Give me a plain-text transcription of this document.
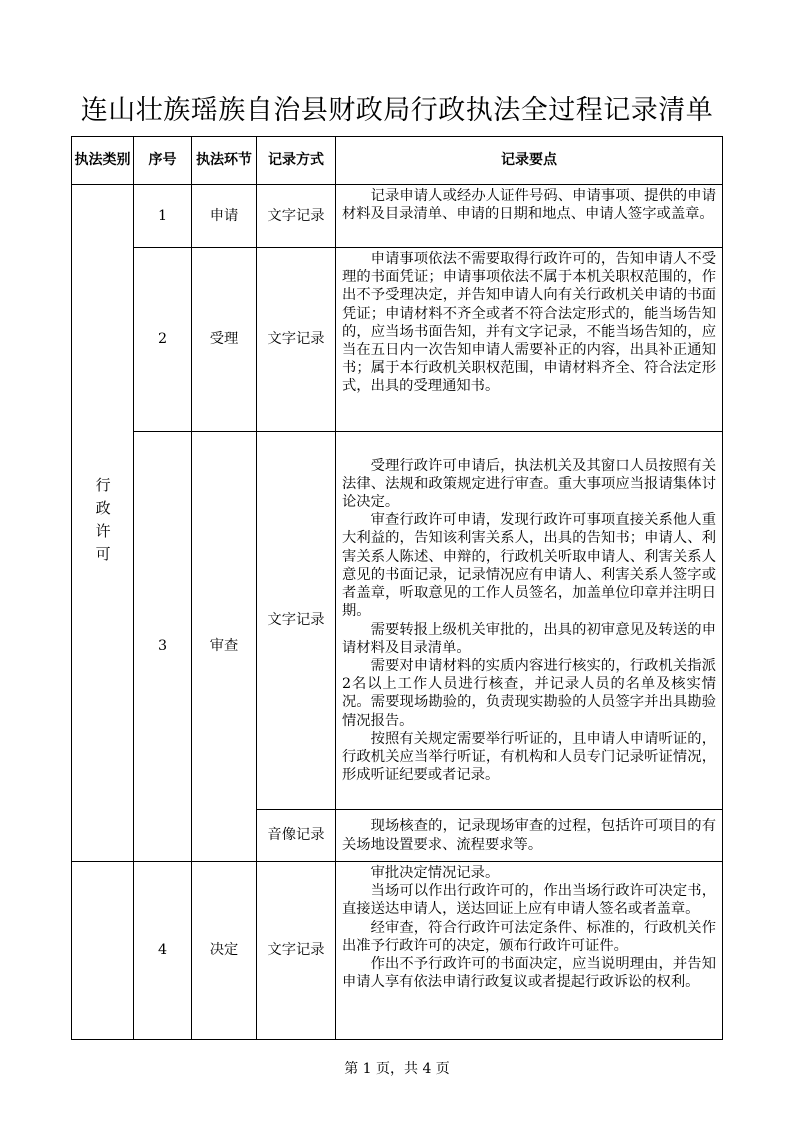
连山壮族瑶族自治县财政局行政执法全过程记录清单
执法类别	序号	执法环节	记录方式	记录要点

行政许可	1	申请	文字记录	记录申请人或经办人证件号码、申请事项、提供的申请材料及目录清单、申请的日期和地点、申请人签字或盖章。

	2	受理	文字记录	申请事项依法不需要取得行政许可的，告知申请人不受理的书面凭证；申请事项依法不属于本机关职权范围的，作出不予受理决定，并告知申请人向有关行政机关申请的书面凭证；申请材料不齐全或者不符合法定形式的，能当场告知的，应当场书面告知，并有文字记录，不能当场告知的，应当在五日内一次告知申请人需要补正的内容，出具补正通知书；属于本行政机关职权范围，申请材料齐全、符合法定形式，出具的受理通知书。

	3	审查	文字记录	受理行政许可申请后，执法机关及其窗口人员按照有关法律、法规和政策规定进行审查。重大事项应当报请集体讨论决定。

审查行政许可申请，发现行政许可事项直接关系他人重大利益的，告知该利害关系人，出具的告知书；申请人、利害关系人陈述、申辩的，行政机关听取申请人、利害关系人意见的书面记录，记录情况应有申请人、利害关系人签字或者盖章，听取意见的工作人员签名，加盖单位印章并注明日期。

需要转报上级机关审批的，出具的初审意见及转送的申请材料及目录清单。

需要对申请材料的实质内容进行核实的，行政机关指派2名以上工作人员进行核查，并记录人员的名单及核实情况。需要现场勘验的，负责现实勘验的人员签字并出具勘验情况报告。

按照有关规定需要举行听证的，且申请人申请听证的，行政机关应当举行听证，有机构和人员专门记录听证情况，形成听证纪要或者记录。

			音像记录	现场核查的，记录现场审查的过程，包括许可项目的有关场地设置要求、流程要求等。

	4	决定	文字记录	审批决定情况记录。

当场可以作出行政许可的，作出当场行政许可决定书，直接送达申请人，送达回证上应有申请人签名或者盖章。

经审查，符合行政许可法定条件、标准的，行政机关作出准予行政许可的决定，颁布行政许可证件。

作出不予行政许可的书面决定，应当说明理由，并告知申请人享有依法申请行政复议或者提起行政诉讼的权利。

第 1 页，共 4 页
